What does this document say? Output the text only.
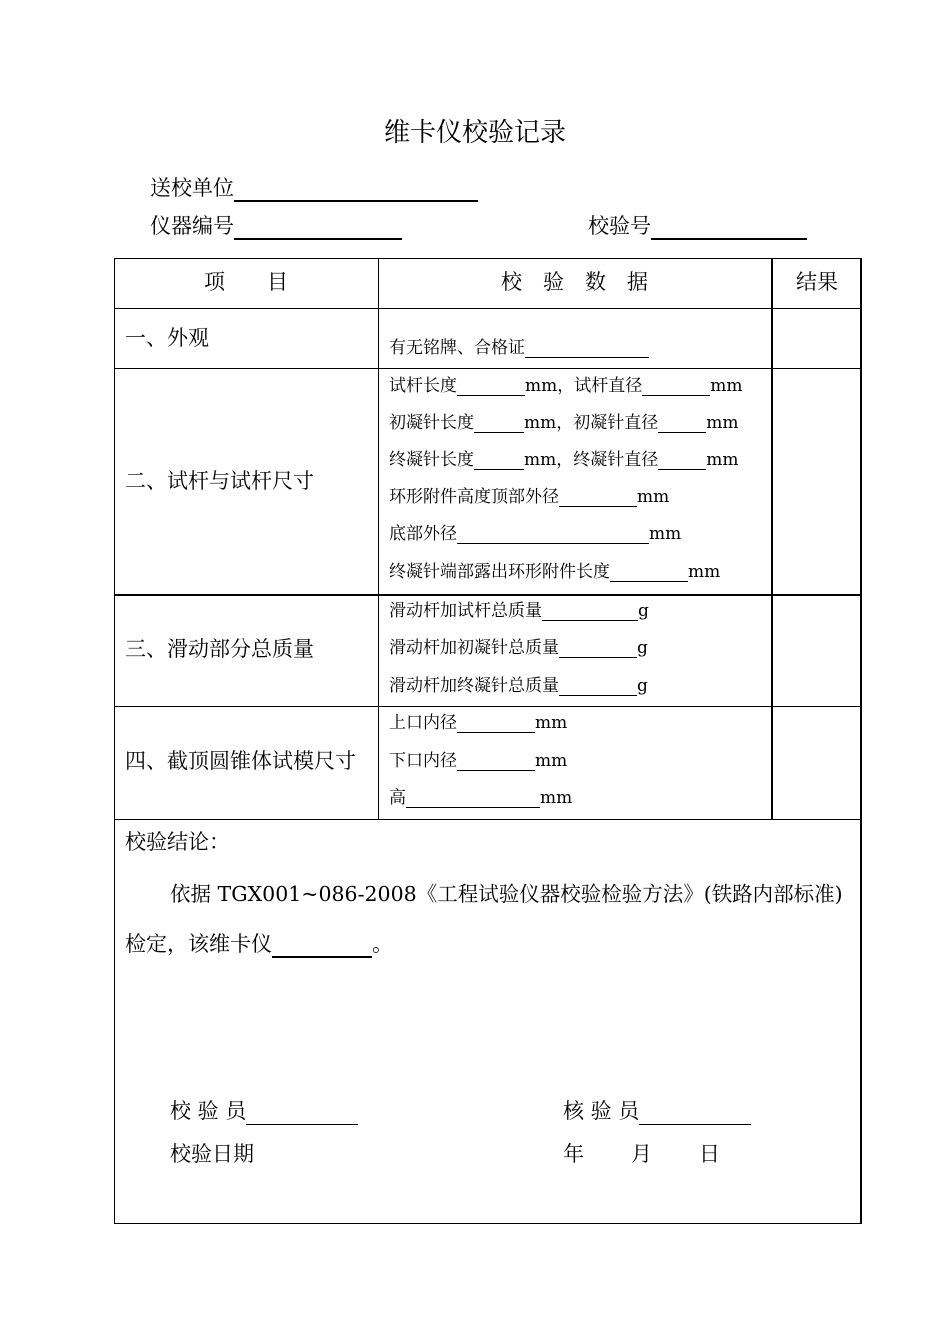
维卡仪校验记录
送校单位
仪器编号	校验号
项　　目	校　验　数　据	结果
一、外观	有无铭牌、合格证
二、试杆与试杆尺寸
试杆长度	mm，试杆直径	mm
初凝针长度	mm，初凝针直径	mm
终凝针长度	mm，终凝针直径	mm
环形附件高度顶部外径	mm
底部外径	mm
终凝针端部露出环形附件长度	mm
三、滑动部分总质量
滑动杆加试杆总质量	g
滑动杆加初凝针总质量	g
滑动杆加终凝针总质量	g
四、截顶圆锥体试模尺寸
上口内径	mm
下口内径	mm
高	mm
校验结论：
依据 TGX001~086-2008《工程试验仪器校验检验方法》(铁路内部标准)
检定，该维卡仪	。
校 验 员	核 验 员
校验日期	年 月 日
